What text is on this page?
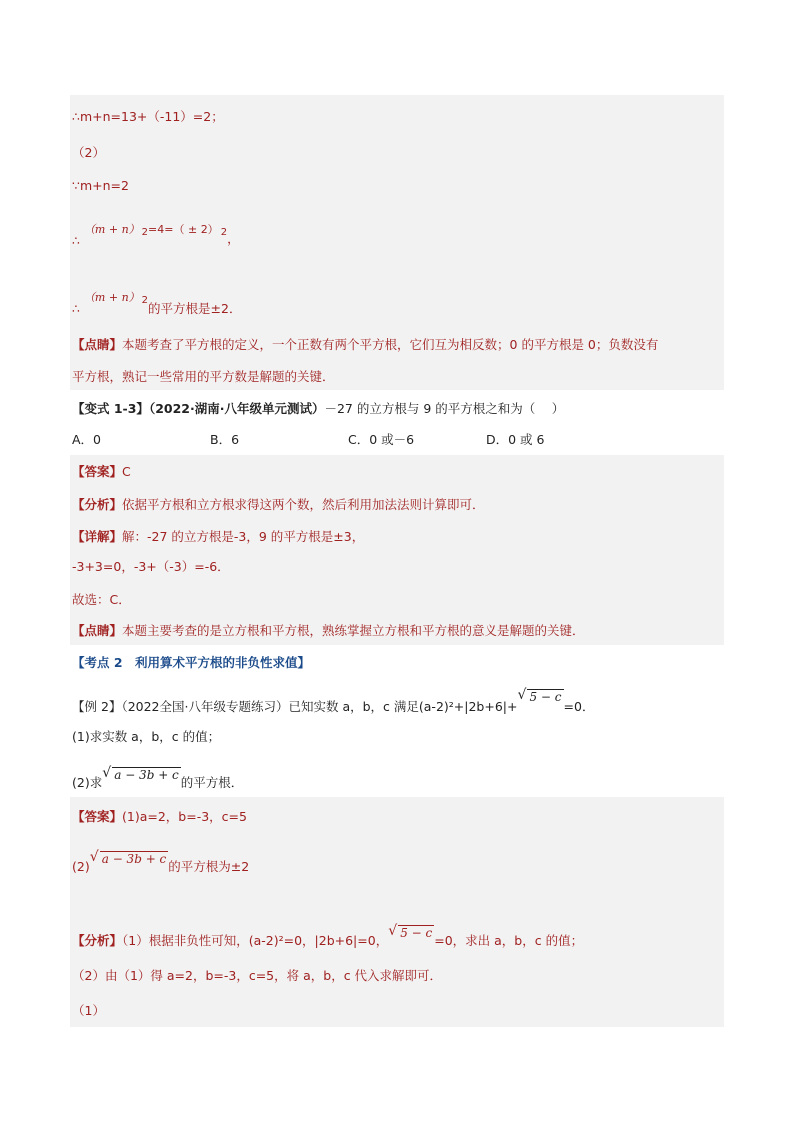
∴m+n=13+（-11）=2；
（2）
∵m+n=2
∴ （m + n） $^2$=4=（ ± 2） $^2$，
∴ （m + n） $^2$的平方根是±2．
【点睛】本题考查了平方根的定义，一个正数有两个平方根，它们互为相反数；0 的平方根是 0；负数没有
平方根，熟记一些常用的平方数是解题的关键．
【变式 1-3】（2022·湖南·八年级单元测试）－27 的立方根与 9 的平方根之和为（　 ）
A．0	B．6	C．0 或－6	D．0 或 6
【答案】C
【分析】依据平方根和立方根求得这两个数，然后利用加法法则计算即可．
【详解】解：-27 的立方根是-3，9 的平方根是±3，
-3+3=0，-3+（-3）=-6．
故选：C．
【点睛】本题主要考查的是立方根和平方根，熟练掌握立方根和平方根的意义是解题的关键．
【考点 2　利用算术平方根的非负性求值】
【例 2】（2022全国·八年级专题练习）已知实数 a，b，c 满足(a-2)²+|2b+6|+
√ 5 − c=0．
(1)求实数 a，b，c 的值；
(2)求
√ a − 3b + c 的平方根．
【答案】(1)a=2，b=-3，c=5
(2)
√ a − 3b + c 的平方根为±2
【分析】（1）根据非负性可知，(a-2)²=0，|2b+6|=0，
√ 5 − c =0，求出 a，b，c 的值；
（2）由（1）得 a=2，b=-3，c=5，将 a，b，c 代入求解即可．
（1）
